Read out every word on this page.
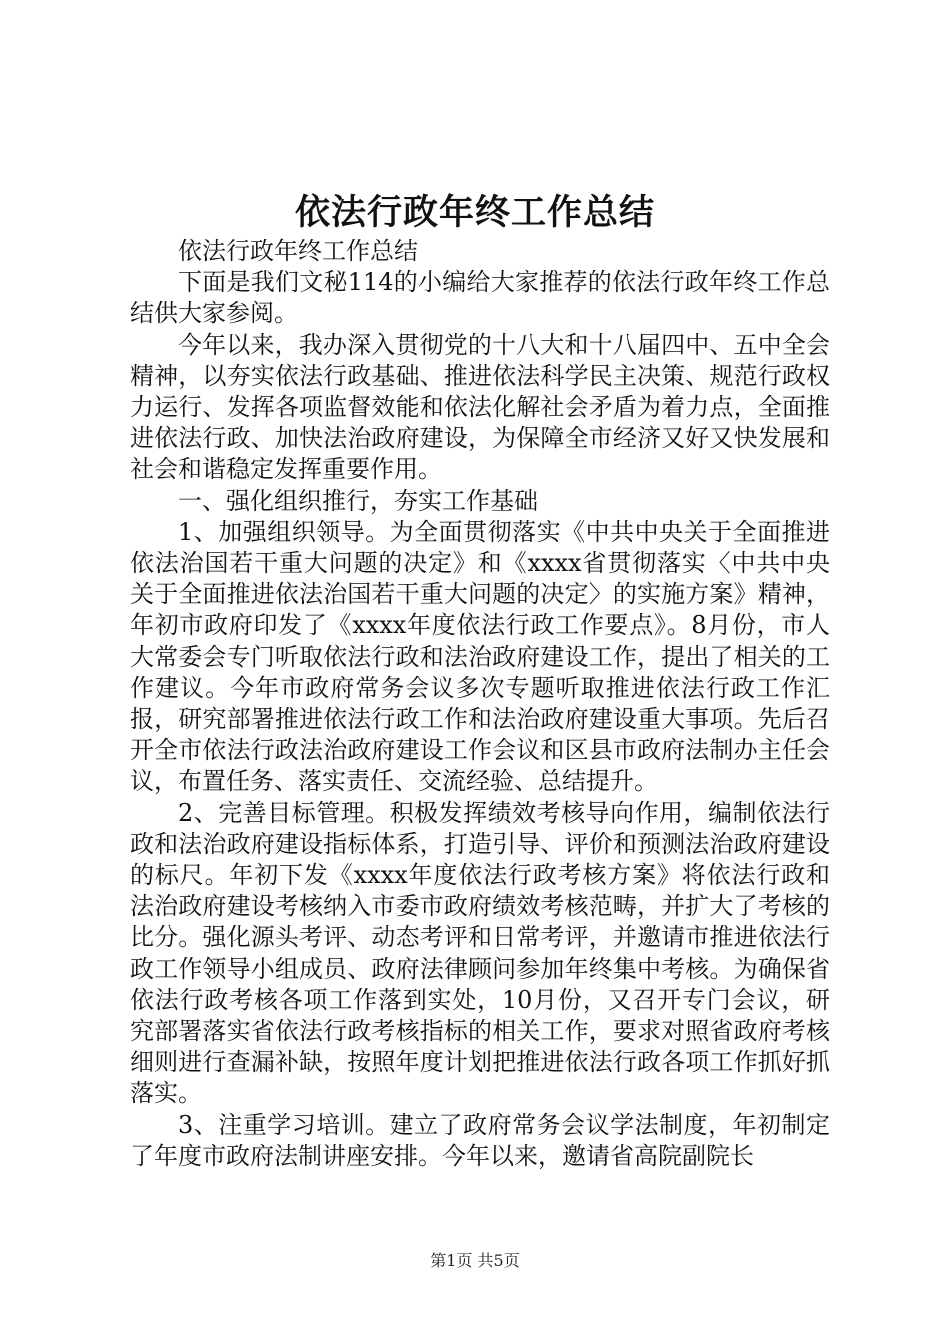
依法行政年终工作总结

依法行政年终工作总结

下面是我们文秘114的小编给大家推荐的依法行政年终工作总结供大家参阅。

今年以来，我办深入贯彻党的十八大和十八届四中、五中全会精神，以夯实依法行政基础、推进依法科学民主决策、规范行政权力运行、发挥各项监督效能和依法化解社会矛盾为着力点，全面推进依法行政、加快法治政府建设，为保障全市经济又好又快发展和社会和谐稳定发挥重要作用。

一、强化组织推行，夯实工作基础

1、加强组织领导。为全面贯彻落实《中共中央关于全面推进依法治国若干重大问题的决定》和《xxxx省贯彻落实〈中共中央关于全面推进依法治国若干重大问题的决定〉的实施方案》精神，年初市政府印发了《xxxx年度依法行政工作要点》。8月份，市人大常委会专门听取依法行政和法治政府建设工作，提出了相关的工作建议。今年市政府常务会议多次专题听取推进依法行政工作汇报，研究部署推进依法行政工作和法治政府建设重大事项。先后召开全市依法行政法治政府建设工作会议和区县市政府法制办主任会议，布置任务、落实责任、交流经验、总结提升。

2、完善目标管理。积极发挥绩效考核导向作用，编制依法行政和法治政府建设指标体系，打造引导、评价和预测法治政府建设的标尺。年初下发《xxxx年度依法行政考核方案》将依法行政和法治政府建设考核纳入市委市政府绩效考核范畴，并扩大了考核的比分。强化源头考评、动态考评和日常考评，并邀请市推进依法行政工作领导小组成员、政府法律顾问参加年终集中考核。为确保省依法行政考核各项工作落到实处，10月份，又召开专门会议，研究部署落实省依法行政考核指标的相关工作，要求对照省政府考核细则进行查漏补缺，按照年度计划把推进依法行政各项工作抓好抓落实。

3、注重学习培训。建立了政府常务会议学法制度，年初制定了年度市政府法制讲座安排。今年以来，邀请省高院副院长

第1页 共5页
